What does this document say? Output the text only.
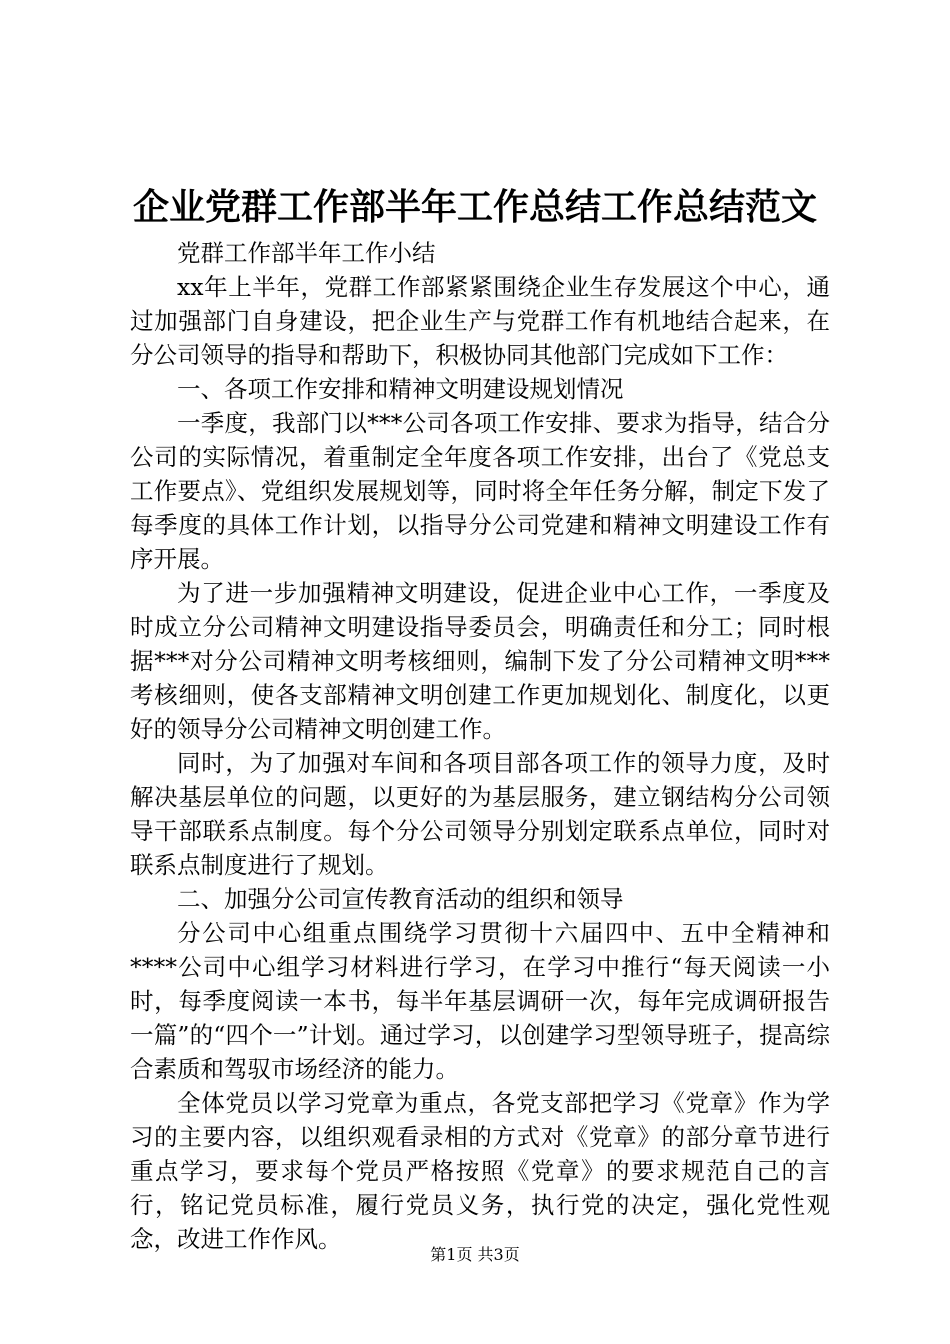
企业党群工作部半年工作总结工作总结范文

党群工作部半年工作小结

xx年上半年，党群工作部紧紧围绕企业生存发展这个中心，通过加强部门自身建设，把企业生产与党群工作有机地结合起来，在分公司领导的指导和帮助下，积极协同其他部门完成如下工作：

一、各项工作安排和精神文明建设规划情况

一季度，我部门以***公司各项工作安排、要求为指导，结合分公司的实际情况，着重制定全年度各项工作安排，出台了《党总支工作要点》、党组织发展规划等，同时将全年任务分解，制定下发了每季度的具体工作计划，以指导分公司党建和精神文明建设工作有序开展。

为了进一步加强精神文明建设，促进企业中心工作，一季度及时成立分公司精神文明建设指导委员会，明确责任和分工；同时根据***对分公司精神文明考核细则，编制下发了分公司精神文明***考核细则，使各支部精神文明创建工作更加规划化、制度化，以更好的领导分公司精神文明创建工作。

同时，为了加强对车间和各项目部各项工作的领导力度，及时解决基层单位的问题，以更好的为基层服务，建立钢结构分公司领导干部联系点制度。每个分公司领导分别划定联系点单位，同时对联系点制度进行了规划。

二、加强分公司宣传教育活动的组织和领导

分公司中心组重点围绕学习贯彻十六届四中、五中全精神和****公司中心组学习材料进行学习，在学习中推行“每天阅读一小时，每季度阅读一本书，每半年基层调研一次，每年完成调研报告一篇”的“四个一”计划。通过学习，以创建学习型领导班子，提高综合素质和驾驭市场经济的能力。

全体党员以学习党章为重点，各党支部把学习《党章》作为学习的主要内容，以组织观看录相的方式对《党章》的部分章节进行重点学习，要求每个党员严格按照《党章》的要求规范自己的言行，铭记党员标准，履行党员义务，执行党的决定，强化党性观念，改进工作作风。

第1页 共3页
